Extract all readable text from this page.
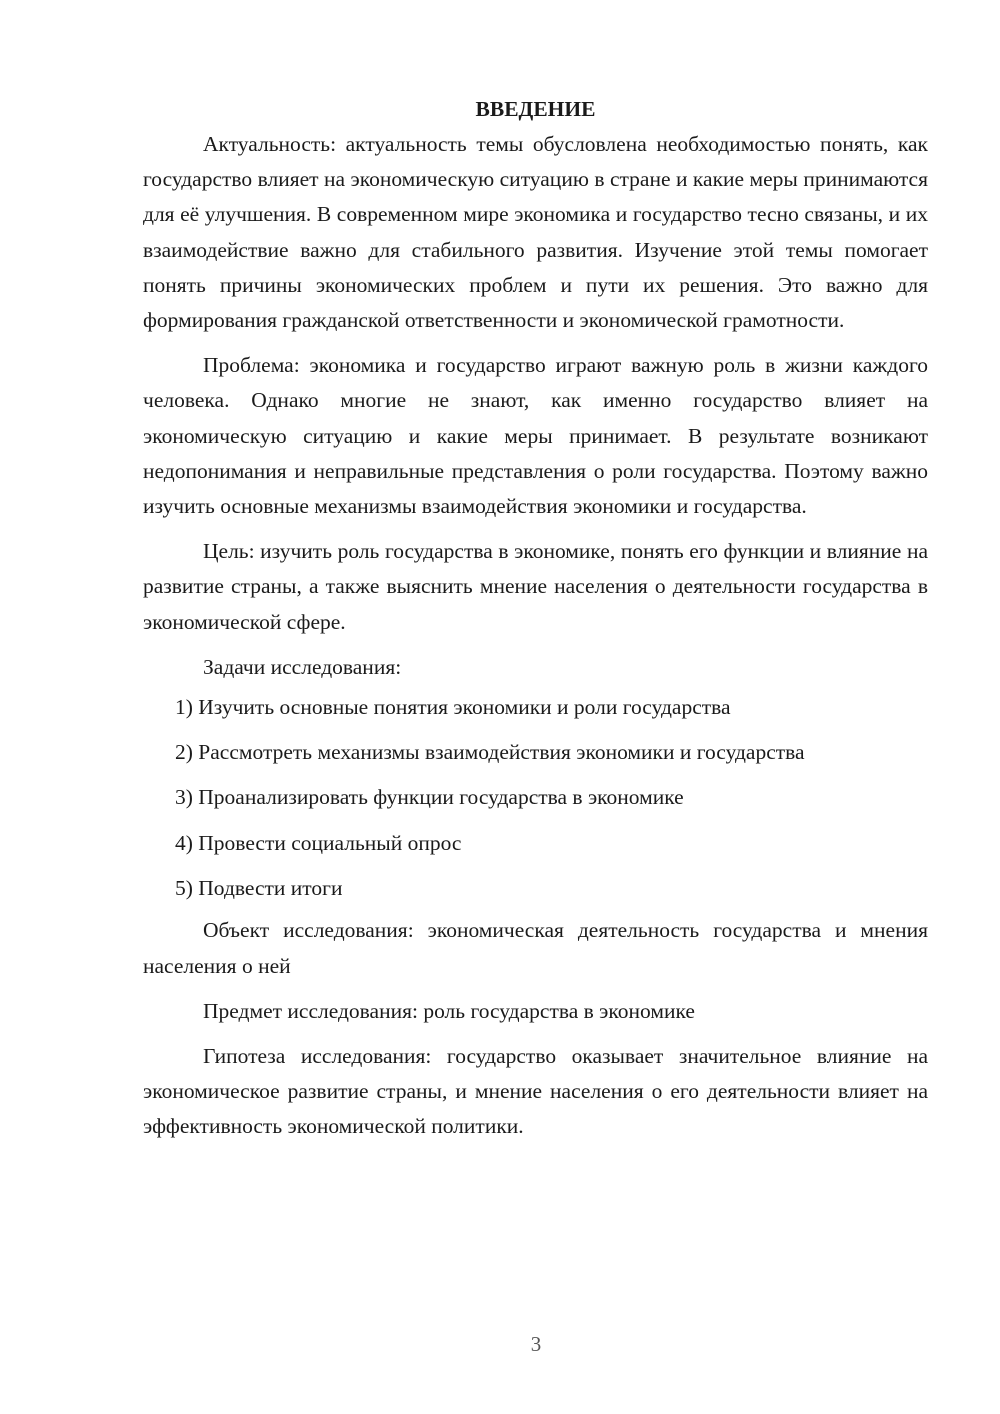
ВВЕДЕНИЕ

Актуальность: актуальность темы обусловлена необходимостью понять, как государство влияет на экономическую ситуацию в стране и какие меры принимаются для её улучшения. В современном мире экономика и государство тесно связаны, и их взаимодействие важно для стабильного развития. Изучение этой темы помогает понять причины экономических проблем и пути их решения. Это важно для формирования гражданской ответственности и экономической грамотности.

Проблема: экономика и государство играют важную роль в жизни каждого человека. Однако многие не знают, как именно государство влияет на экономическую ситуацию и какие меры принимает. В результате возникают недопонимания и неправильные представления о роли государства. Поэтому важно изучить основные механизмы взаимодействия экономики и государства.

Цель: изучить роль государства в экономике, понять его функции и влияние на развитие страны, а также выяснить мнение населения о деятельности государства в экономической сфере.

Задачи исследования:

1) Изучить основные понятия экономики и роли государства
2) Рассмотреть механизмы взаимодействия экономики и государства
3) Проанализировать функции государства в экономике
4) Провести социальный опрос
5) Подвести итоги

Объект исследования: экономическая деятельность государства и мнения населения о ней

Предмет исследования: роль государства в экономике

Гипотеза исследования: государство оказывает значительное влияние на экономическое развитие страны, и мнение населения о его деятельности влияет на эффективность экономической политики.

3
